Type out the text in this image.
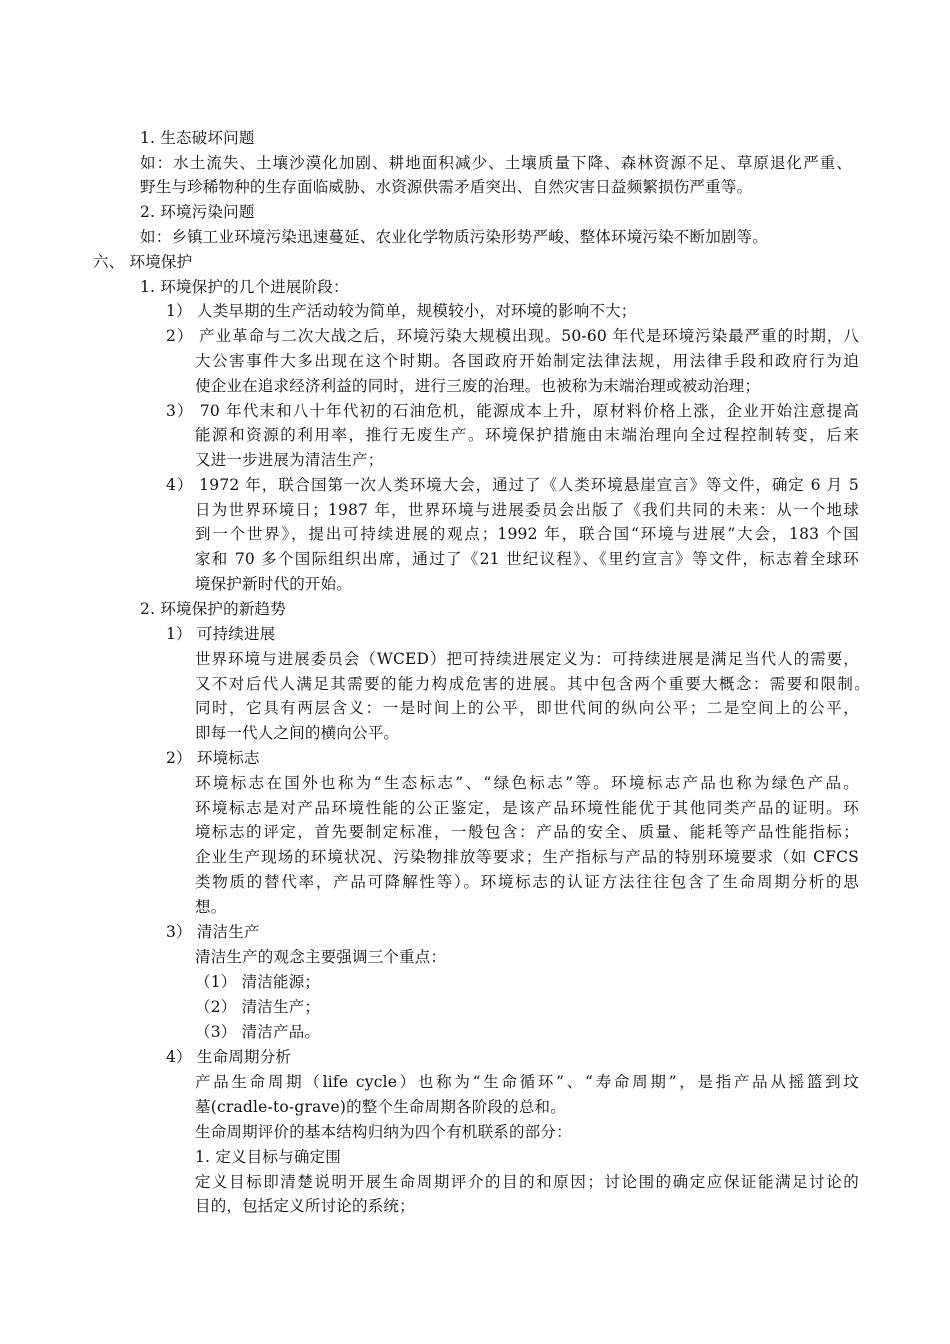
1. 生态破坏问题
如：水土流失、土壤沙漠化加剧、耕地面积减少、土壤质量下降、森林资源不足、草原退化严重、
野生与珍稀物种的生存面临威胁、水资源供需矛盾突出、自然灾害日益频繁损伤严重等。
2. 环境污染问题
如：乡镇工业环境污染迅速蔓延、农业化学物质污染形势严峻、整体环境污染不断加剧等。
六、 环境保护
1. 环境保护的几个进展阶段：
1） 人类早期的生产活动较为简单，规模较小，对环境的影响不大；
2） 产业革命与二次大战之后，环境污染大规模出现。50-60 年代是环境污染最严重的时期，八
大公害事件大多出现在这个时期。各国政府开始制定法律法规，用法律手段和政府行为迫
使企业在追求经济利益的同时，进行三废的治理。也被称为末端治理或被动治理；
3） 70 年代末和八十年代初的石油危机，能源成本上升，原材料价格上涨，企业开始注意提高
能源和资源的利用率，推行无废生产。环境保护措施由末端治理向全过程控制转变，后来
又进一步进展为清洁生产；
4） 1972 年，联合国第一次人类环境大会，通过了《人类环境悬崖宣言》等文件，确定 6 月 5
日为世界环境日；1987 年，世界环境与进展委员会出版了《我们共同的未来：从一个地球
到一个世界》，提出可持续进展的观点；1992 年，联合国“环境与进展”大会，183 个国
家和 70 多个国际组织出席，通过了《21 世纪议程》、《里约宣言》等文件，标志着全球环
境保护新时代的开始。
2. 环境保护的新趋势
1） 可持续进展
世界环境与进展委员会（WCED）把可持续进展定义为：可持续进展是满足当代人的需要，
又不对后代人满足其需要的能力构成危害的进展。其中包含两个重要大概念：需要和限制。
同时，它具有两层含义：一是时间上的公平，即世代间的纵向公平；二是空间上的公平，
即每一代人之间的横向公平。
2） 环境标志
环境标志在国外也称为“生态标志”、“绿色标志”等。环境标志产品也称为绿色产品。
环境标志是对产品环境性能的公正鉴定，是该产品环境性能优于其他同类产品的证明。环
境标志的评定，首先要制定标准，一般包含：产品的安全、质量、能耗等产品性能指标；
企业生产现场的环境状况、污染物排放等要求；生产指标与产品的特别环境要求（如 CFCS
类物质的替代率，产品可降解性等）。环境标志的认证方法往往包含了生命周期分析的思
想。
3） 清洁生产
清洁生产的观念主要强调三个重点：
（1） 清洁能源；
（2） 清洁生产；
（3） 清洁产品。
4） 生命周期分析
产品生命周期（life cycle）也称为“生命循环”、“寿命周期”，是指产品从摇篮到坟
墓(cradle-to-grave)的整个生命周期各阶段的总和。
生命周期评价的基本结构归纳为四个有机联系的部分：
1. 定义目标与确定围
定义目标即清楚说明开展生命周期评介的目的和原因；讨论围的确定应保证能满足讨论的
目的，包括定义所讨论的系统；
